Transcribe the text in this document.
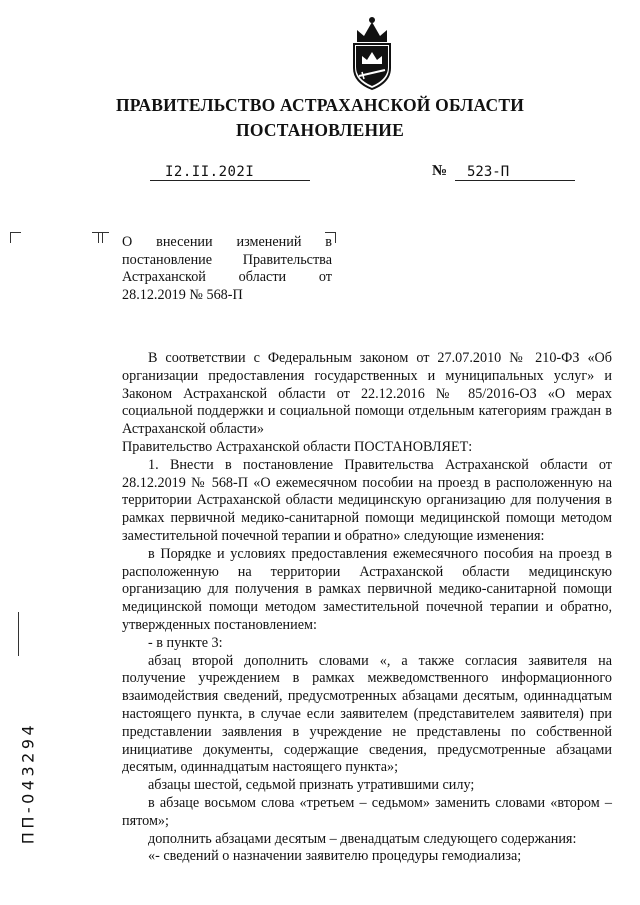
ПРАВИТЕЛЬСТВО АСТРАХАНСКОЙ ОБЛАСТИ
ПОСТАНОВЛЕНИЕ
I2.II.202I	№ 523-П
О внесении изменений в постановление Правительства Астраханской области от 28.12.2019 № 568-П

В соответствии с Федеральным законом от 27.07.2010 № 210-ФЗ «Об организации предоставления государственных и муниципальных услуг» и Законом Астраханской области от 22.12.2016 № 85/2016-ОЗ «О мерах социальной поддержки и социальной помощи отдельным категориям граждан в Астраханской области»

Правительство Астраханской области ПОСТАНОВЛЯЕТ:

1. Внести в постановление Правительства Астраханской области от 28.12.2019 № 568-П «О ежемесячном пособии на проезд в расположенную на территории Астраханской области медицинскую организацию для получения в рамках первичной медико-санитарной помощи медицинской помощи методом заместительной почечной терапии и обратно» следующие изменения:

в Порядке и условиях предоставления ежемесячного пособия на проезд в расположенную на территории Астраханской области медицинскую организацию для получения в рамках первичной медико-санитарной помощи медицинской помощи методом заместительной почечной терапии и обратно, утвержденных постановлением:

- в пункте 3:

абзац второй дополнить словами «, а также согласия заявителя на получение учреждением в рамках межведомственного информационного взаимодействия сведений, предусмотренных абзацами десятым, одиннадцатым настоящего пункта, в случае если заявителем (представителем заявителя) при представлении заявления в учреждение не представлены по собственной инициативе документы, содержащие сведения, предусмотренные абзацами десятым, одиннадцатым настоящего пункта»;

абзацы шестой, седьмой признать утратившими силу;

в абзаце восьмом слова «третьем – седьмом» заменить словами «втором – пятом»;

дополнить абзацами десятым – двенадцатым следующего содержания:

«- сведений о назначении заявителю процедуры гемодиализа;

ПП-043294
